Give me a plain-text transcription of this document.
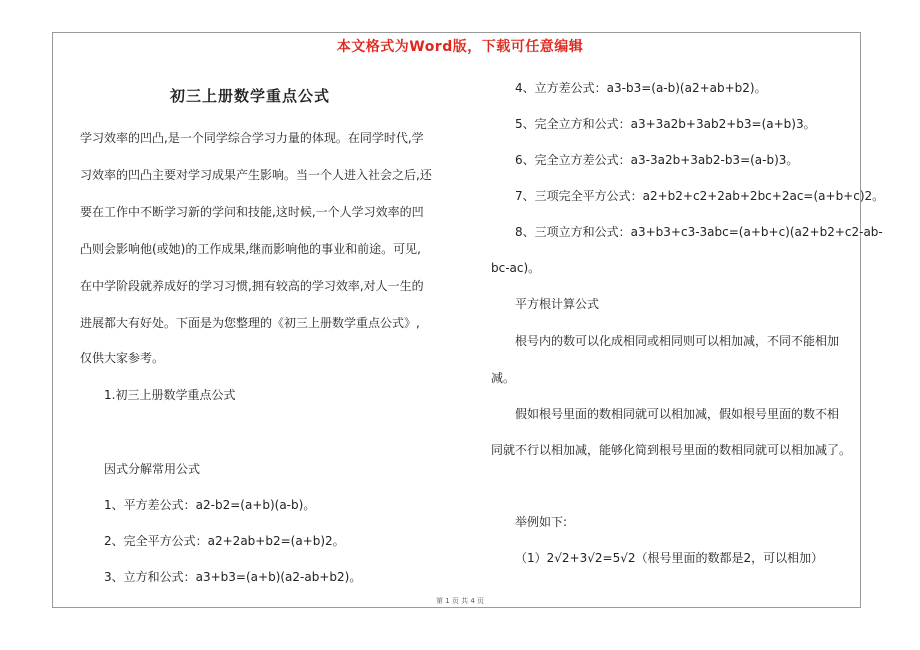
本文格式为Word版，下载可任意编辑
初三上册数学重点公式
学习效率的凹凸,是一个同学综合学习力量的体现。在同学时代,学
习效率的凹凸主要对学习成果产生影响。当一个人进入社会之后,还
要在工作中不断学习新的学问和技能,这时候,一个人学习效率的凹
凸则会影响他(或她)的工作成果,继而影响他的事业和前途。可见,
在中学阶段就养成好的学习习惯,拥有较高的学习效率,对人一生的
进展都大有好处。下面是为您整理的《初三上册数学重点公式》,
仅供大家参考。
1.初三上册数学重点公式
因式分解常用公式
1、平方差公式：a2-b2=(a+b)(a-b)。
2、完全平方公式：a2+2ab+b2=(a+b)2。
3、立方和公式：a3+b3=(a+b)(a2-ab+b2)。
4、立方差公式：a3-b3=(a-b)(a2+ab+b2)。
5、完全立方和公式：a3+3a2b+3ab2+b3=(a+b)3。
6、完全立方差公式：a3-3a2b+3ab2-b3=(a-b)3。
7、三项完全平方公式：a2+b2+c2+2ab+2bc+2ac=(a+b+c)2。
8、三项立方和公式：a3+b3+c3-3abc=(a+b+c)(a2+b2+c2-ab-
bc-ac)。
平方根计算公式
根号内的数可以化成相同或相同则可以相加减，不同不能相加
减。
假如根号里面的数相同就可以相加减，假如根号里面的数不相
同就不行以相加减，能够化简到根号里面的数相同就可以相加减了。
举例如下:
（1）2√2+3√2=5√2（根号里面的数都是2，可以相加）
第 1 页 共 4 页
